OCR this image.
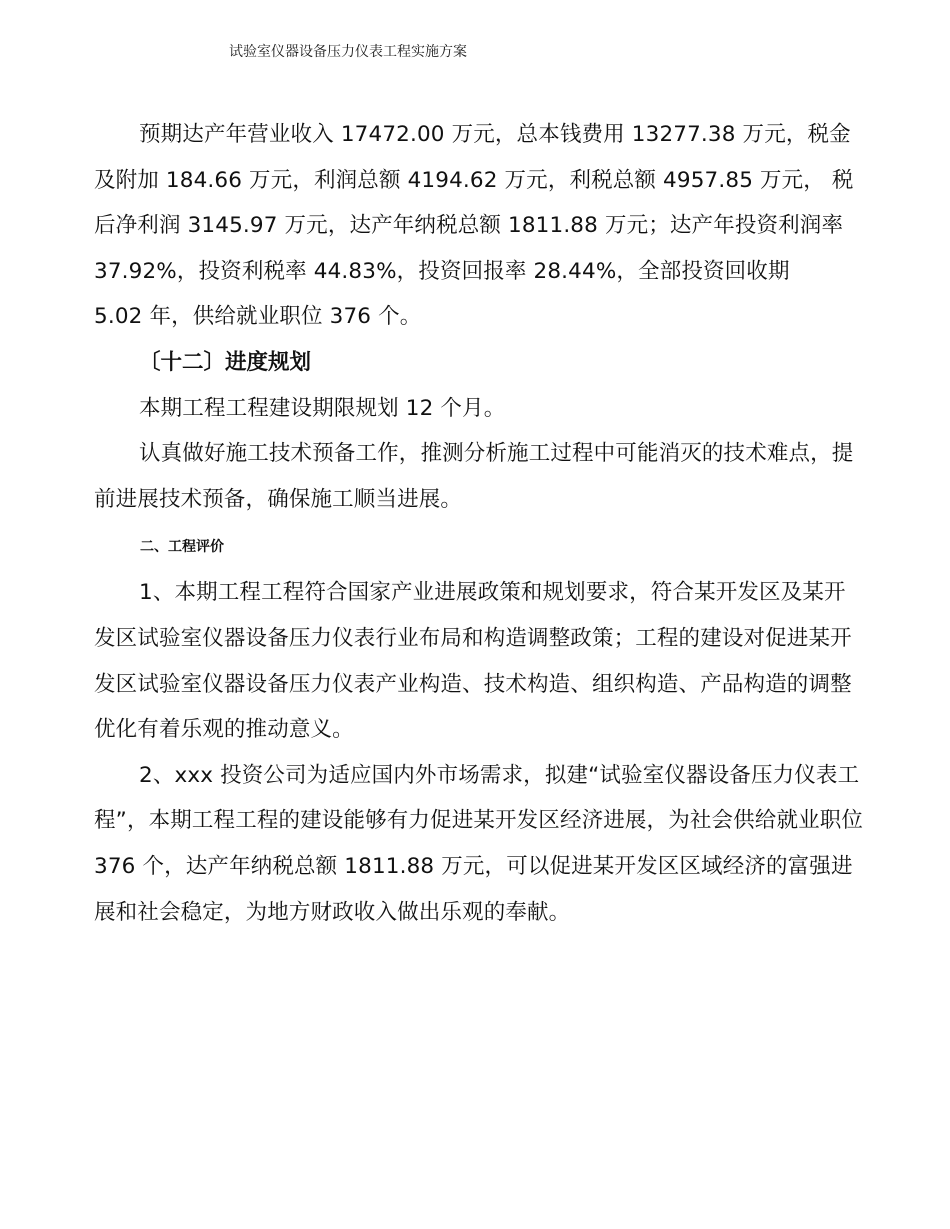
试验室仪器设备压力仪表工程实施方案

预期达产年营业收入 17472.00 万元，总本钱费用 13277.38 万元，税金及附加 184.66 万元，利润总额 4194.62 万元，利税总额 4957.85 万元， 税后净利润 3145.97 万元，达产年纳税总额 1811.88 万元；达产年投资利润率 37.92%，投资利税率 44.83%，投资回报率 28.44%，全部投资回收期

5.02 年，供给就业职位 376 个。

〔十二〕进度规划

本期工程工程建设期限规划 12 个月。

认真做好施工技术预备工作，推测分析施工过程中可能消灭的技术难点，提前进展技术预备，确保施工顺当进展。

二、工程评价

1、本期工程工程符合国家产业进展政策和规划要求，符合某开发区及某开发区试验室仪器设备压力仪表行业布局和构造调整政策；工程的建设对促进某开发区试验室仪器设备压力仪表产业构造、技术构造、组织构造、产品构造的调整优化有着乐观的推动意义。

2、xxx 投资公司为适应国内外市场需求，拟建“试验室仪器设备压力仪表工程”，本期工程工程的建设能够有力促进某开发区经济进展，为社会供给就业职位 376 个，达产年纳税总额 1811.88 万元，可以促进某开发区区域经济的富强进展和社会稳定，为地方财政收入做出乐观的奉献。
